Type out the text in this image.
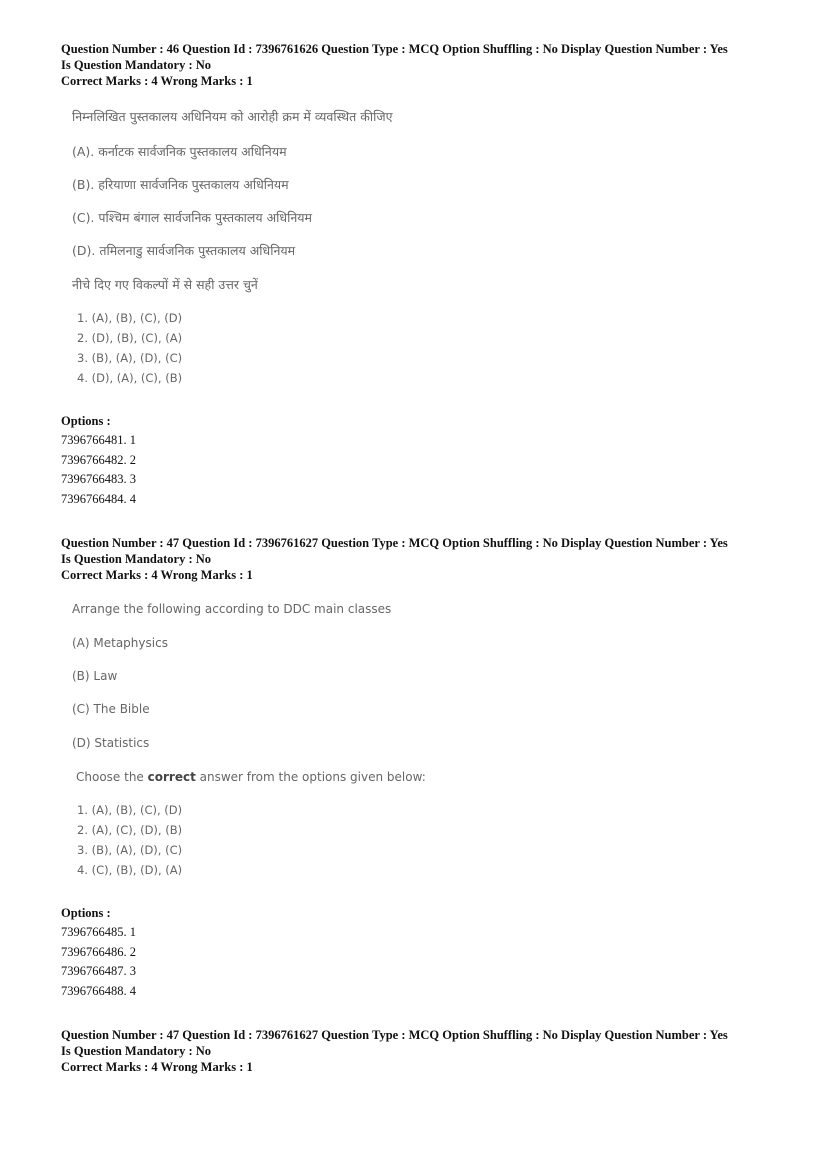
Question Number : 46 Question Id : 7396761626 Question Type : MCQ Option Shuffling : No Display Question Number : Yes
Is Question Mandatory : No
Correct Marks : 4 Wrong Marks : 1
निम्नलिखित पुस्तकालय अधिनियम को आरोही क्रम में व्यवस्थित कीजिए
(A). कर्नाटक सार्वजनिक पुस्तकालय अधिनियम
(B). हरियाणा सार्वजनिक पुस्तकालय अधिनियम
(C). पश्चिम बंगाल सार्वजनिक पुस्तकालय अधिनियम
(D). तमिलनाडु सार्वजनिक पुस्तकालय अधिनियम
नीचे दिए गए विकल्पों में से सही उत्तर चुनें
1. (A), (B), (C), (D)
2. (D), (B), (C), (A)
3. (B), (A), (D), (C)
4. (D), (A), (C), (B)
Options :
7396766481. 1
7396766482. 2
7396766483. 3
7396766484. 4
Question Number : 47 Question Id : 7396761627 Question Type : MCQ Option Shuffling : No Display Question Number : Yes
Is Question Mandatory : No
Correct Marks : 4 Wrong Marks : 1
Arrange the following according to DDC main classes
(A) Metaphysics
(B) Law
(C) The Bible
(D) Statistics
Choose the correct answer from the options given below:
1. (A), (B), (C), (D)
2. (A), (C), (D), (B)
3. (B), (A), (D), (C)
4. (C), (B), (D), (A)
Options :
7396766485. 1
7396766486. 2
7396766487. 3
7396766488. 4
Question Number : 47 Question Id : 7396761627 Question Type : MCQ Option Shuffling : No Display Question Number : Yes
Is Question Mandatory : No
Correct Marks : 4 Wrong Marks : 1
